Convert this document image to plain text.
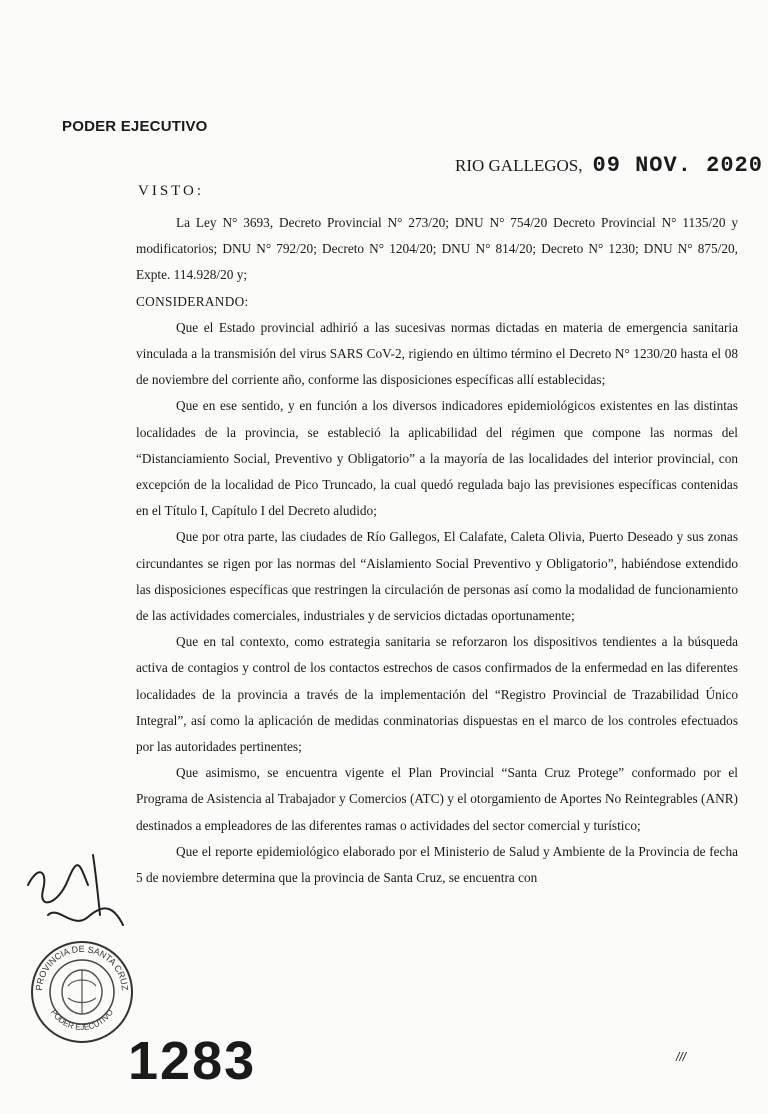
PODER EJECUTIVO
RIO GALLEGOS, 09 NOV. 2020
VISTO:

La Ley N° 3693, Decreto Provincial N° 273/20; DNU N° 754/20 Decreto Provincial N° 1135/20 y modificatorios; DNU N° 792/20; Decreto N° 1204/20; DNU N° 814/20; Decreto N° 1230; DNU N° 875/20, Expte. 114.928/20 y;

CONSIDERANDO:

Que el Estado provincial adhirió a las sucesivas normas dictadas en materia de emergencia sanitaria vinculada a la transmisión del virus SARS CoV-2, rigiendo en último término el Decreto N° 1230/20 hasta el 08 de noviembre del corriente año, conforme las disposiciones específicas allí establecidas;

Que en ese sentido, y en función a los diversos indicadores epidemiológicos existentes en las distintas localidades de la provincia, se estableció la aplicabilidad del régimen que compone las normas del “Distanciamiento Social, Preventivo y Obligatorio” a la mayoría de las localidades del interior provincial, con excepción de la localidad de Pico Truncado, la cual quedó regulada bajo las previsiones específicas contenidas en el Título I, Capítulo I del Decreto aludido;

Que por otra parte, las ciudades de Río Gallegos, El Calafate, Caleta Olivia, Puerto Deseado y sus zonas circundantes se rigen por las normas del “Aislamiento Social Preventivo y Obligatorio”, habiéndose extendido las disposiciones específicas que restringen la circulación de personas así como la modalidad de funcionamiento de las actividades comerciales, industriales y de servicios dictadas oportunamente;

Que en tal contexto, como estrategia sanitaria se reforzaron los dispositivos tendientes a la búsqueda activa de contagios y control de los contactos estrechos de casos confirmados de la enfermedad en las diferentes localidades de la provincia a través de la implementación del “Registro Provincial de Trazabilidad Único Integral”, así como la aplicación de medidas conminatorias dispuestas en el marco de los controles efectuados por las autoridades pertinentes;

Que asimismo, se encuentra vigente el Plan Provincial “Santa Cruz Protege” conformado por el Programa de Asistencia al Trabajador y Comercios (ATC) y el otorgamiento de Aportes No Reintegrables (ANR) destinados a empleadores de las diferentes ramas o actividades del sector comercial y turístico;

Que el reporte epidemiológico elaborado por el Ministerio de Salud y Ambiente de la Provincia de fecha 5 de noviembre determina que la provincia de Santa Cruz, se encuentra con

PROVINCIA DE SANTA CRUZ
PODER EJECUTIVO
1283	///
